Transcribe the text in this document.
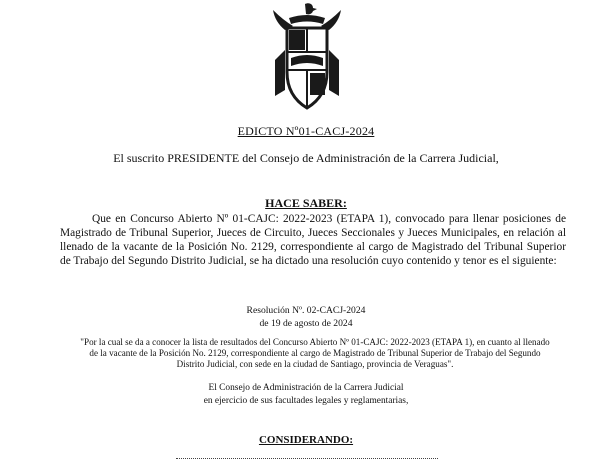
EDICTO Nº01-CACJ-2024
El suscrito PRESIDENTE del Consejo de Administración de la Carrera Judicial,
HACE SABER:
Que en Concurso Abierto Nº 01-CAJC: 2022-2023 (ETAPA 1), convocado para llenar posiciones de Magistrado de Tribunal Superior, Jueces de Circuito, Jueces Seccionales y Jueces Municipales, en relación al llenado de la vacante de la Posición No. 2129, correspondiente al cargo de Magistrado del Tribunal Superior de Trabajo del Segundo Distrito Judicial, se ha dictado una resolución cuyo contenido y tenor es el siguiente:
Resolución Nº. 02-CACJ-2024
de 19 de agosto de 2024
"Por la cual se da a conocer la lista de resultados del Concurso Abierto Nº 01-CAJC: 2022-2023 (ETAPA 1), en cuanto al llenado de la vacante de la Posición No. 2129, correspondiente al cargo de Magistrado de Tribunal Superior de Trabajo del Segundo Distrito Judicial, con sede en la ciudad de Santiago, provincia de Veraguas".
El Consejo de Administración de la Carrera Judicial
en ejercicio de sus facultades legales y reglamentarias,
CONSIDERANDO:
